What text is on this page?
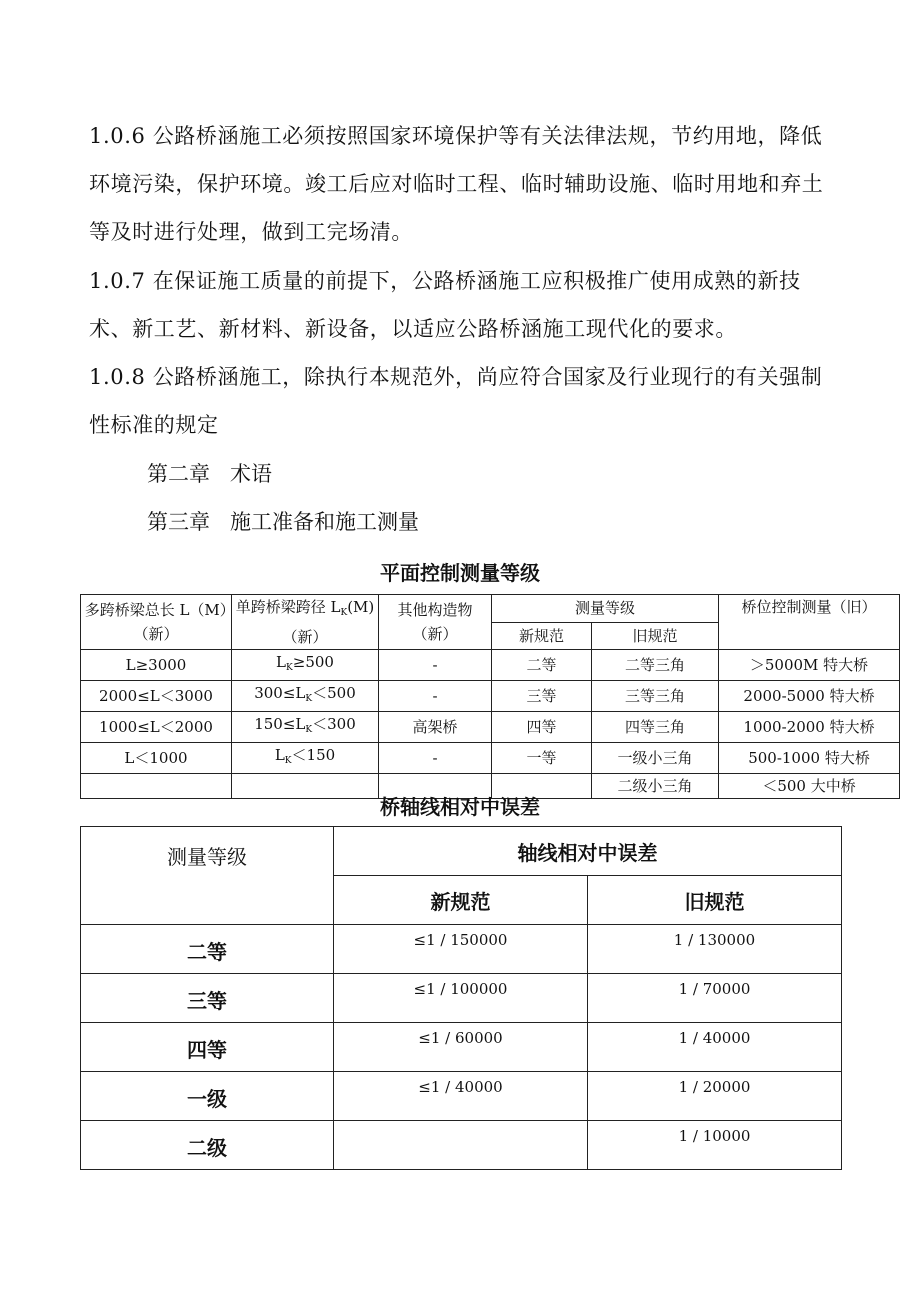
1.0.6 公路桥涵施工必须按照国家环境保护等有关法律法规，节约用地，降低环境污染，保护环境。竣工后应对临时工程、临时辅助设施、临时用地和弃土等及时进行处理，做到工完场清。

1.0.7 在保证施工质量的前提下，公路桥涵施工应积极推广使用成熟的新技术、新工艺、新材料、新设备，以适应公路桥涵施工现代化的要求。

1.0.8 公路桥涵施工，除执行本规范外，尚应符合国家及行业现行的有关强制性标准的规定

第二章   术语

第三章   施工准备和施工测量

平面控制测量等级

多跨桥梁总长 L（M）（新）	单跨桥梁跨径 $L_K(M)$（新）	其他构造物（新）	测量等级		桥位控制测量（旧）
			新规范	旧规范	
L≥3000	$L_K\ge 500$	-	二等	二等三角	＞5000M 特大桥
2000≤L＜3000	$300\le L_K<500$	-	三等	三等三角	2000-5000 特大桥
1000≤L＜2000	$150\le L_K<300$	高架桥	四等	四等三角	1000-2000 特大桥
L＜1000	$L_K<150$	-	一等	一级小三角	500-1000 特大桥
				二级小三角	＜500 大中桥

桥轴线相对中误差

测量等级	轴线相对中误差	
	新规范	旧规范
二等	≤1 / 150000	1 / 130000
三等	≤1 / 100000	1 / 70000
四等	≤1 / 60000	1 / 40000
一级	≤1 / 40000	1 / 20000
二级		1 / 10000
